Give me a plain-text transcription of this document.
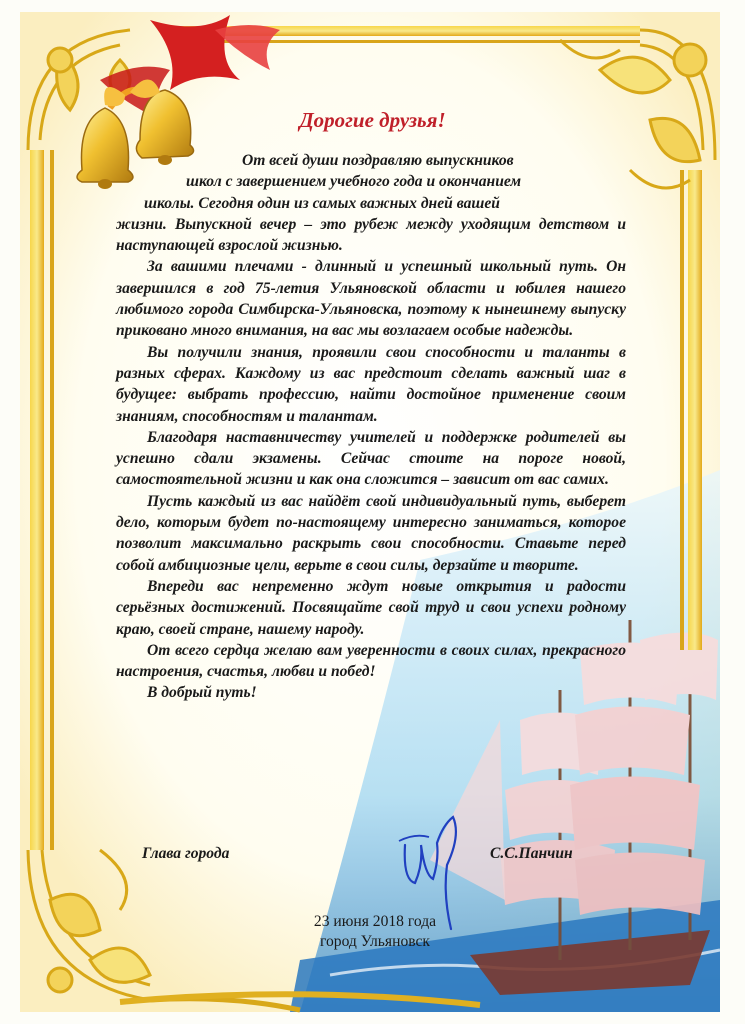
Дорогие друзья!

От всей души поздравляю выпускников
школ с завершением учебного года и окончанием
школы. Сегодня один из самых важных дней вашей
жизни. Выпускной вечер – это рубеж между уходящим детством и наступающей взрослой жизнью.

За вашими плечами - длинный и успешный школьный путь. Он завершился в год 75-летия Ульяновской области и юбилея нашего любимого города Симбирска-Ульяновска, поэтому к нынешнему выпуску приковано много внимания, на вас мы возлагаем особые надежды.

Вы получили знания, проявили свои способности и таланты в разных сферах. Каждому из вас предстоит сделать важный шаг в будущее: выбрать профессию, найти достойное применение своим знаниям, способностям и талантам.

Благодаря наставничеству учителей и поддержке родителей вы успешно сдали экзамены. Сейчас стоите на пороге новой, самостоятельной жизни и как она сложится – зависит от вас самих.

Пусть каждый из вас найдёт свой индивидуальный путь, выберет дело, которым будет по-настоящему интересно заниматься, которое позволит максимально раскрыть свои способности. Ставьте перед собой амбициозные цели, верьте в свои силы, дерзайте и творите.

Впереди вас непременно ждут новые открытия и радости серьёзных достижений. Посвящайте свой труд и свои успехи родному краю, своей стране, нашему народу.

От всего сердца желаю вам уверенности в своих силах, прекрасного настроения, счастья, любви и побед!

В добрый путь!

Глава города	С.С.Панчин
23 июня 2018 года
город Ульяновск
